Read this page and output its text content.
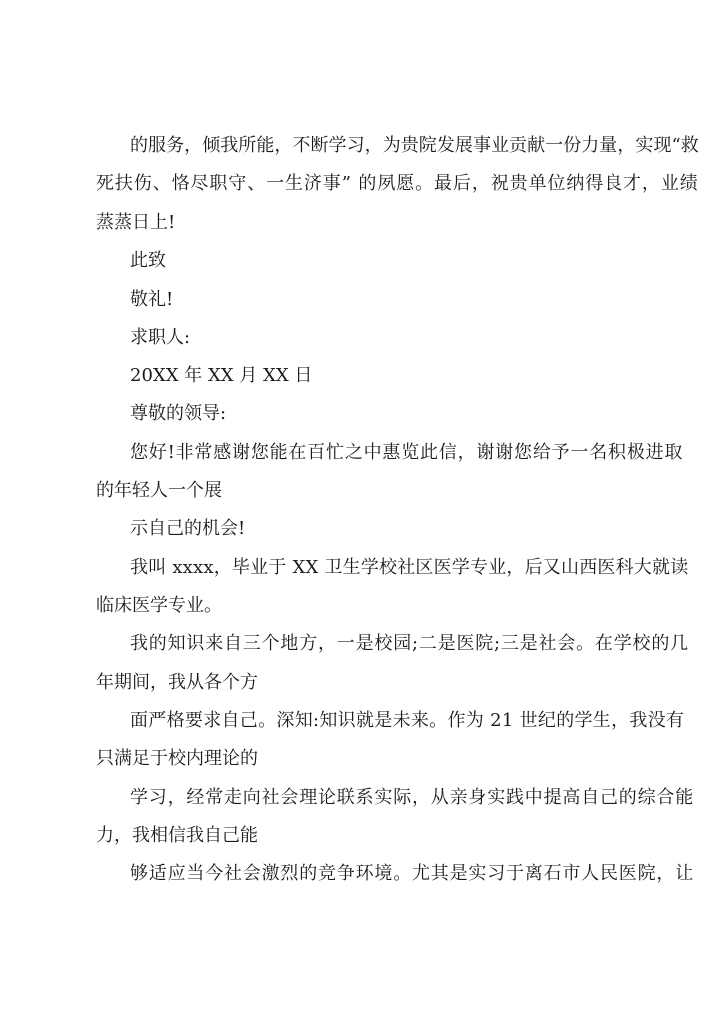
的服务，倾我所能，不断学习，为贵院发展事业贡献一份力量，实现“救
死扶伤、恪尽职守、一生济事” 的夙愿。最后，祝贵单位纳得良才，业绩
蒸蒸日上!
此致
敬礼!
求职人:
20XX 年 XX 月 XX 日
尊敬的领导:
您好!非常感谢您能在百忙之中惠览此信，谢谢您给予一名积极进取
的年轻人一个展
示自己的机会!
我叫 xxxx，毕业于 XX 卫生学校社区医学专业，后又山西医科大就读
临床医学专业。
我的知识来自三个地方，一是校园;二是医院;三是社会。在学校的几
年期间，我从各个方
面严格要求自己。深知:知识就是未来。作为 21 世纪的学生，我没有
只满足于校内理论的
学习，经常走向社会理论联系实际，从亲身实践中提高自己的综合能
力，我相信我自己能
够适应当今社会激烈的竞争环境。尤其是实习于离石市人民医院，让
